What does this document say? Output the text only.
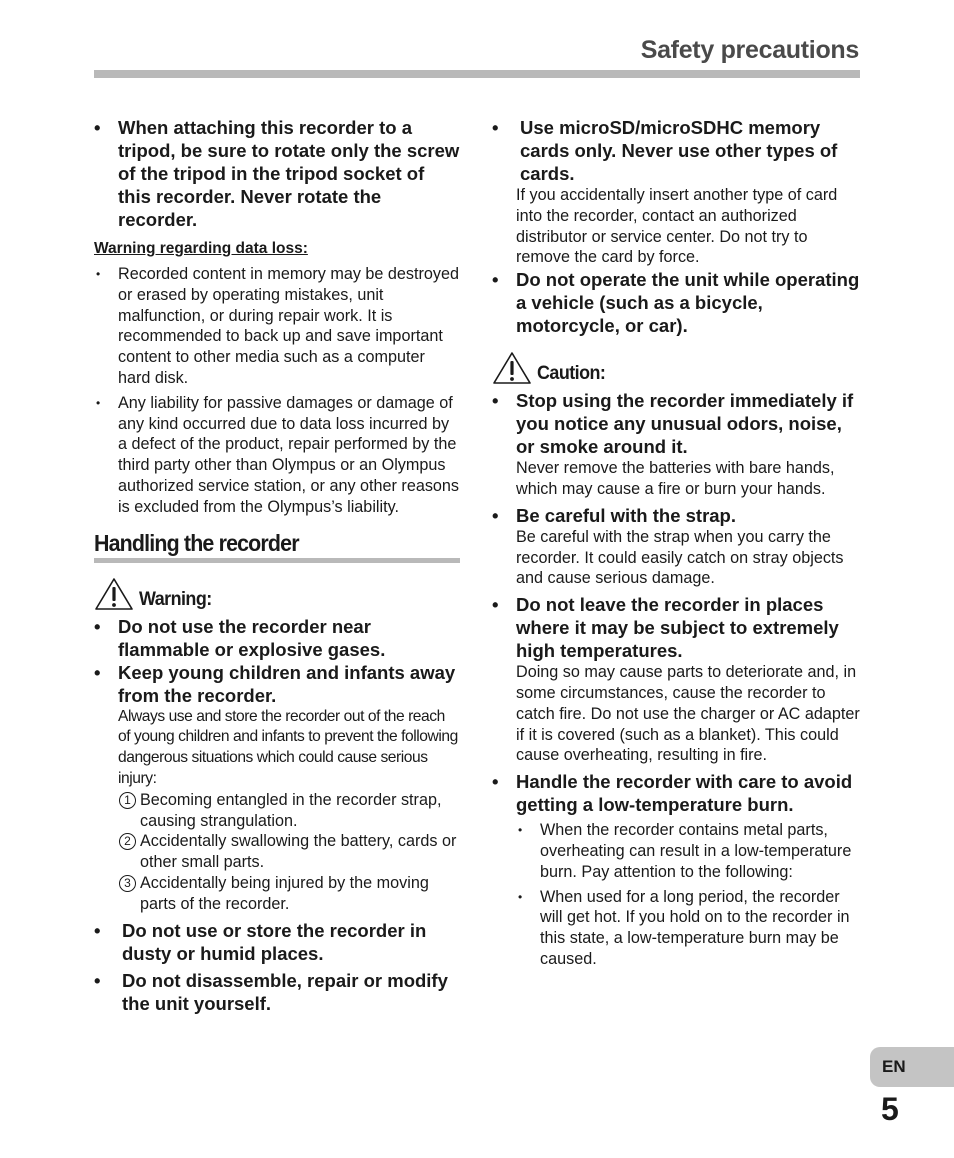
Safety precautions
• When attaching this recorder to a tripod, be sure to rotate only the screw of the tripod in the tripod socket of this recorder. Never rotate the recorder.
Warning regarding data loss:
• Recorded content in memory may be destroyed or erased by operating mistakes, unit malfunction, or during repair work. It is recommended to back up and save important content to other media such as a computer hard disk.
• Any liability for passive damages or damage of any kind occurred due to data loss incurred by a defect of the product, repair performed by the third party other than Olympus or an Olympus authorized service station, or any other reasons is excluded from the Olympus’s liability.
Handling the recorder
Warning:
• Do not use the recorder near flammable or explosive gases.
• Keep young children and infants away from the recorder.
Always use and store the recorder out of the reach of young children and infants to prevent the following dangerous situations which could cause serious injury:
1 Becoming entangled in the recorder strap, causing strangulation.
2 Accidentally swallowing the battery, cards or other small parts.
3 Accidentally being injured by the moving parts of the recorder.
• Do not use or store the recorder in dusty or humid places.
• Do not disassemble, repair or modify the unit yourself.
• Use microSD/microSDHC memory cards only. Never use other types of cards.
If you accidentally insert another type of card into the recorder, contact an authorized distributor or service center. Do not try to remove the card by force.
• Do not operate the unit while operating a vehicle (such as a bicycle, motorcycle, or car).
Caution:
• Stop using the recorder immediately if you notice any unusual odors, noise, or smoke around it.
Never remove the batteries with bare hands, which may cause a fire or burn your hands.
• Be careful with the strap.
Be careful with the strap when you carry the recorder. It could easily catch on stray objects and cause serious damage.
• Do not leave the recorder in places where it may be subject to extremely high temperatures.
Doing so may cause parts to deteriorate and, in some circumstances, cause the recorder to catch fire. Do not use the charger or AC adapter if it is covered (such as a blanket). This could cause overheating, resulting in fire.
• Handle the recorder with care to avoid getting a low-temperature burn.
• When the recorder contains metal parts, overheating can result in a low-temperature burn. Pay attention to the following:
• When used for a long period, the recorder will get hot. If you hold on to the recorder in this state, a low-temperature burn may be caused.
EN
5
